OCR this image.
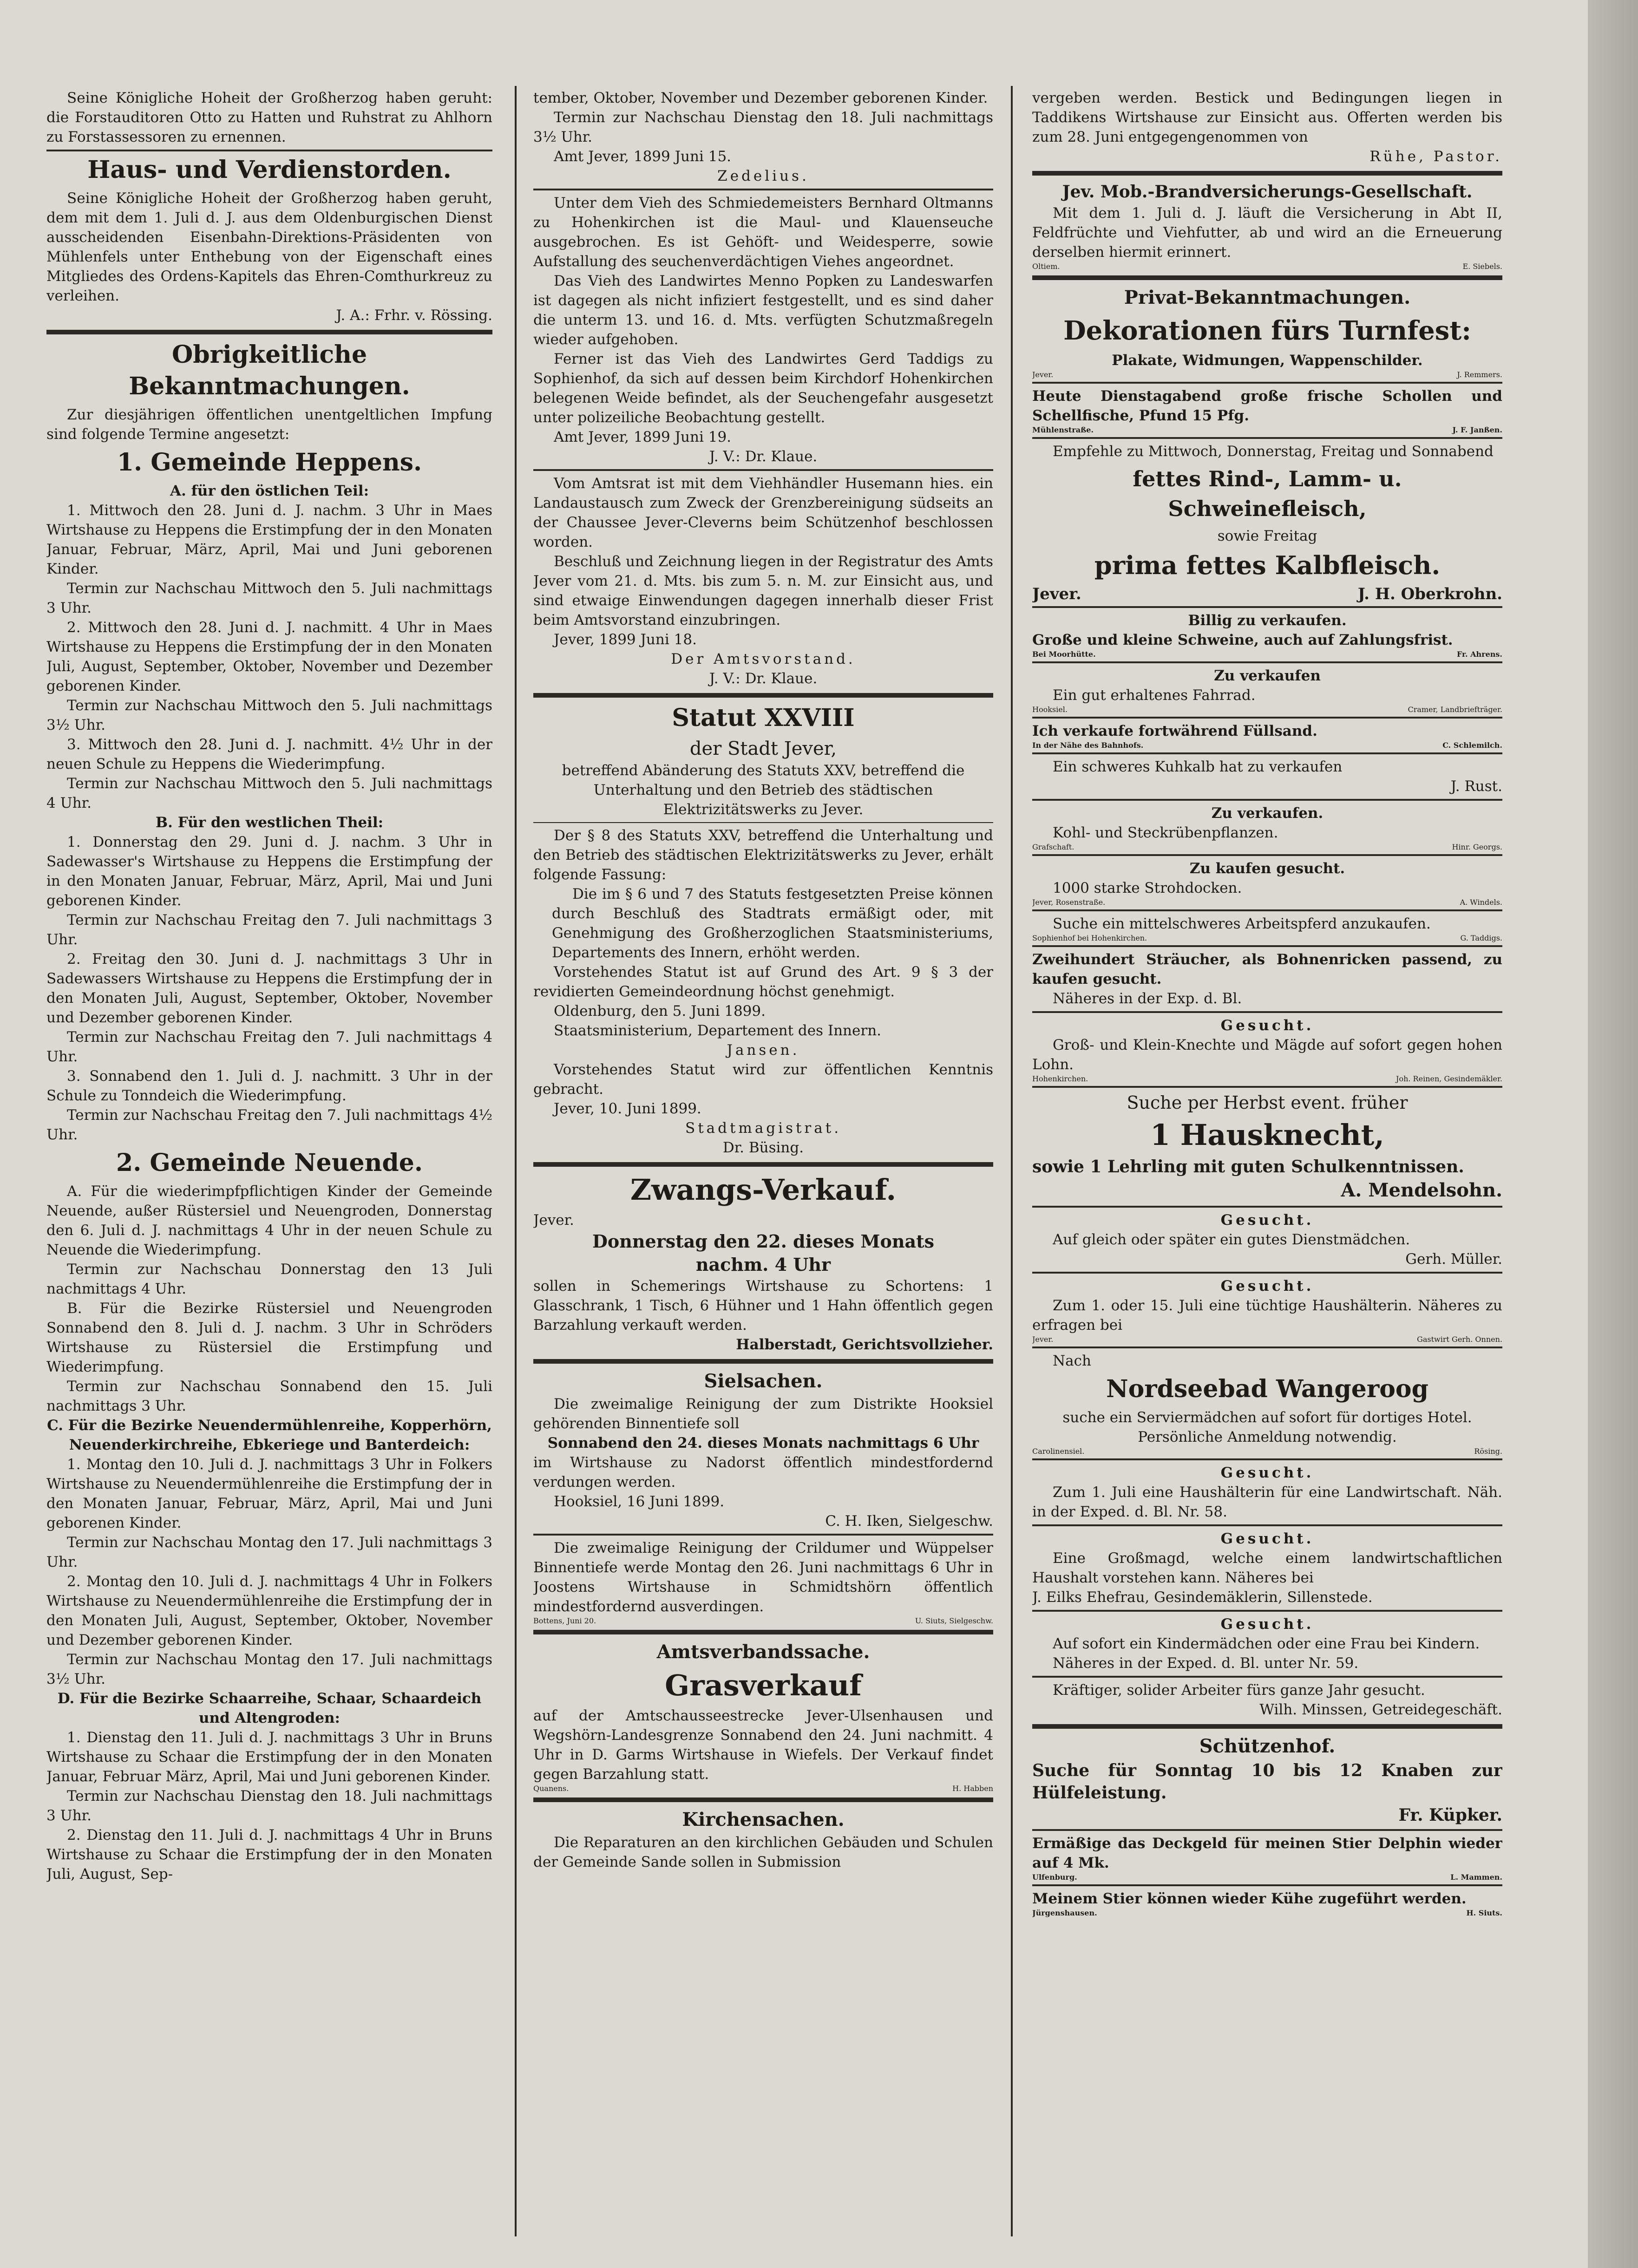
Seine Königliche Hoheit der Großherzog haben geruht: die Forstauditoren Otto zu Hatten und Ruhstrat zu Ahlhorn zu Forstassessoren zu ernennen.

Haus- und Verdienstorden.

Seine Königliche Hoheit der Großherzog haben geruht, dem mit dem 1. Juli d. J. aus dem Oldenburgischen Dienst ausscheidenden Eisenbahn-Direktions-Präsidenten von Mühlenfels unter Enthebung von der Eigenschaft eines Mitgliedes des Ordens-Kapitels das Ehren-Comthurkreuz zu verleihen.

J. A.: Frhr. v. Rössing.

Obrigkeitliche Bekanntmachungen.

Zur diesjährigen öffentlichen unentgeltlichen Impfung sind folgende Termine angesetzt:

1. Gemeinde Heppens.

A. für den östlichen Teil:

1. Mittwoch den 28. Juni d. J. nachm. 3 Uhr in Maes Wirtshause zu Heppens die Erstimpfung der in den Monaten Januar, Februar, März, April, Mai und Juni geborenen Kinder.

Termin zur Nachschau Mittwoch den 5. Juli nachmittags 3 Uhr.

2. Mittwoch den 28. Juni d. J. nachmitt. 4 Uhr in Maes Wirtshause zu Heppens die Erstimpfung der in den Monaten Juli, August, September, Oktober, November und Dezember geborenen Kinder.

Termin zur Nachschau Mittwoch den 5. Juli nachmittags 3½ Uhr.

3. Mittwoch den 28. Juni d. J. nachmitt. 4½ Uhr in der neuen Schule zu Heppens die Wiederimpfung.

Termin zur Nachschau Mittwoch den 5. Juli nachmittags 4 Uhr.

B. Für den westlichen Theil:

1. Donnerstag den 29. Juni d. J. nachm. 3 Uhr in Sadewasser's Wirtshause zu Heppens die Erstimpfung der in den Monaten Januar, Februar, März, April, Mai und Juni geborenen Kinder.

Termin zur Nachschau Freitag den 7. Juli nachmittags 3 Uhr.

2. Freitag den 30. Juni d. J. nachmittags 3 Uhr in Sadewassers Wirtshause zu Heppens die Erstimpfung der in den Monaten Juli, August, September, Oktober, November und Dezember geborenen Kinder.

Termin zur Nachschau Freitag den 7. Juli nachmittags 4 Uhr.

3. Sonnabend den 1. Juli d. J. nachmitt. 3 Uhr in der Schule zu Tonndeich die Wiederimpfung.

Termin zur Nachschau Freitag den 7. Juli nachmittags 4½ Uhr.

2. Gemeinde Neuende.

A. Für die wiederimpfpflichtigen Kinder der Gemeinde Neuende, außer Rüstersiel und Neuengroden, Donnerstag den 6. Juli d. J. nachmittags 4 Uhr in der neuen Schule zu Neuende die Wiederimpfung.

Termin zur Nachschau Donnerstag den 13 Juli nachmittags 4 Uhr.

B. Für die Bezirke Rüstersiel und Neuengroden Sonnabend den 8. Juli d. J. nachm. 3 Uhr in Schröders Wirtshause zu Rüstersiel die Erstimpfung und Wiederimpfung.

Termin zur Nachschau Sonnabend den 15. Juli nachmittags 3 Uhr.

C. Für die Bezirke Neuendermühlenreihe, Kopperhörn, Neuenderkirchreihe, Ebkeriege und Banterdeich:

1. Montag den 10. Juli d. J. nachmittags 3 Uhr in Folkers Wirtshause zu Neuendermühlenreihe die Erstimpfung der in den Monaten Januar, Februar, März, April, Mai und Juni geborenen Kinder.

Termin zur Nachschau Montag den 17. Juli nachmittags 3 Uhr.

2. Montag den 10. Juli d. J. nachmittags 4 Uhr in Folkers Wirtshause zu Neuendermühlenreihe die Erstimpfung der in den Monaten Juli, August, September, Oktober, November und Dezember geborenen Kinder.

Termin zur Nachschau Montag den 17. Juli nachmittags 3½ Uhr.

D. Für die Bezirke Schaarreihe, Schaar, Schaardeich und Altengroden:

1. Dienstag den 11. Juli d. J. nachmittags 3 Uhr in Bruns Wirtshause zu Schaar die Erstimpfung der in den Monaten Januar, Februar März, April, Mai und Juni geborenen Kinder.

Termin zur Nachschau Dienstag den 18. Juli nachmittags 3 Uhr.

2. Dienstag den 11. Juli d. J. nachmittags 4 Uhr in Bruns Wirtshause zu Schaar die Erstimpfung der in den Monaten Juli, August, Sep-

tember, Oktober, November und Dezember geborenen Kinder.

Termin zur Nachschau Dienstag den 18. Juli nachmittags 3½ Uhr.

Amt Jever, 1899 Juni 15.

Zedelius.

Unter dem Vieh des Schmiedemeisters Bernhard Oltmanns zu Hohenkirchen ist die Maul- und Klauenseuche ausgebrochen. Es ist Gehöft- und Weidesperre, sowie Aufstallung des seuchenverdächtigen Viehes angeordnet.

Das Vieh des Landwirtes Menno Popken zu Landeswarfen ist dagegen als nicht infiziert festgestellt, und es sind daher die unterm 13. und 16. d. Mts. verfügten Schutzmaßregeln wieder aufgehoben.

Ferner ist das Vieh des Landwirtes Gerd Taddigs zu Sophienhof, da sich auf dessen beim Kirchdorf Hohenkirchen belegenen Weide befindet, als der Seuchengefahr ausgesetzt unter polizeiliche Beobachtung gestellt.

Amt Jever, 1899 Juni 19.

J. V.: Dr. Klaue.

Vom Amtsrat ist mit dem Viehhändler Husemann hies. ein Landaustausch zum Zweck der Grenzbereinigung südseits an der Chaussee Jever-Cleverns beim Schützenhof beschlossen worden.

Beschluß und Zeichnung liegen in der Registratur des Amts Jever vom 21. d. Mts. bis zum 5. n. M. zur Einsicht aus, und sind etwaige Einwendungen dagegen innerhalb dieser Frist beim Amtsvorstand einzubringen.

Jever, 1899 Juni 18.

Der Amtsvorstand.

J. V.: Dr. Klaue.

Statut XXVIII

der Stadt Jever,

betreffend Abänderung des Statuts XXV, betreffend die Unterhaltung und den Betrieb des städtischen Elektrizitätswerks zu Jever.

Der § 8 des Statuts XXV, betreffend die Unterhaltung und den Betrieb des städtischen Elektrizitätswerks zu Jever, erhält folgende Fassung:

Die im § 6 und 7 des Statuts festgesetzten Preise können durch Beschluß des Stadtrats ermäßigt oder, mit Genehmigung des Großherzoglichen Staatsministeriums, Departements des Innern, erhöht werden.

Vorstehendes Statut ist auf Grund des Art. 9 § 3 der revidierten Gemeindeordnung höchst genehmigt.

Oldenburg, den 5. Juni 1899.

Staatsministerium, Departement des Innern.

Jansen.

Vorstehendes Statut wird zur öffentlichen Kenntnis gebracht.

Jever, 10. Juni 1899.

Stadtmagistrat.

Dr. Büsing.

Zwangs-Verkauf.

Jever.

Donnerstag den 22. dieses Monats

nachm. 4 Uhr

sollen in Schemerings Wirtshause zu Schortens: 1 Glasschrank, 1 Tisch, 6 Hühner und 1 Hahn öffentlich gegen Barzahlung verkauft werden.

Halberstadt, Gerichtsvollzieher.

Sielsachen.

Die zweimalige Reinigung der zum Distrikte Hooksiel gehörenden Binnentiefe soll

Sonnabend den 24. dieses Monats nachmittags 6 Uhr

im Wirtshause zu Nadorst öffentlich mindestfordernd verdungen werden.

Hooksiel, 16 Juni 1899.

C. H. Iken, Sielgeschw.

Die zweimalige Reinigung der Crildumer und Wüppelser Binnentiefe werde Montag den 26. Juni nachmittags 6 Uhr in Joostens Wirtshause in Schmidtshörn öffentlich mindestfordernd ausverdingen.

Bottens, Juni 20.	U. Siuts, Sielgeschw.
Amtsverbandssache.
Grasverkauf

auf der Amtschausseestrecke Jever-Ulsenhausen und Wegshörn-Landesgrenze Sonnabend den 24. Juni nachmitt. 4 Uhr in D. Garms Wirtshause in Wiefels. Der Verkauf findet gegen Barzahlung statt.

Quanens.	H. Habben
Kirchensachen.

Die Reparaturen an den kirchlichen Gebäuden und Schulen der Gemeinde Sande sollen in Submission

vergeben werden. Bestick und Bedingungen liegen in Taddikens Wirtshause zur Einsicht aus. Offerten werden bis zum 28. Juni entgegengenommen von

Rühe, Pastor.

Jev. Mob.-Brandversicherungs-Gesellschaft.

Mit dem 1. Juli d. J. läuft die Versicherung in Abt II, Feldfrüchte und Viehfutter, ab und wird an die Erneuerung derselben hiermit erinnert.

Oltiem.	E. Siebels.
Privat-Bekanntmachungen.
Dekorationen fürs Turnfest:

Plakate, Widmungen, Wappenschilder.

Jever.	J. Remmers.

Heute Dienstagabend große frische Schollen und Schellfische, Pfund 15 Pfg.

Mühlenstraße.	J. F. Janßen.

Empfehle zu Mittwoch, Donnerstag, Freitag und Sonnabend

fettes Rind-, Lamm- u. Schweinefleisch,

sowie Freitag

prima fettes Kalbfleisch.
Jever.	J. H. Oberkrohn.

Billig zu verkaufen.

Große und kleine Schweine, auch auf Zahlungsfrist.

Bei Moorhütte.	Fr. Ahrens.

Zu verkaufen

Ein gut erhaltenes Fahrrad.

Hooksiel.	Cramer, Landbriefträger.

Ich verkaufe fortwährend Füllsand.

In der Nähe des Bahnhofs.	C. Schlemilch.

Ein schweres Kuhkalb hat zu verkaufen

J. Rust.

Zu verkaufen.

Kohl- und Steckrübenpflanzen.

Grafschaft.	Hinr. Georgs.

Zu kaufen gesucht.

1000 starke Strohdocken.

Jever, Rosenstraße.	A. Windels.

Suche ein mittelschweres Arbeitspferd anzukaufen.

Sophienhof bei Hohenkirchen.	G. Taddigs.

Zweihundert Sträucher, als Bohnenricken passend, zu kaufen gesucht.

Näheres in der Exp. d. Bl.

Gesucht.

Groß- und Klein-Knechte und Mägde auf sofort gegen hohen Lohn.

Hohenkirchen.	Joh. Reinen, Gesindemäkler.

Suche per Herbst event. früher

1 Hausknecht,

sowie 1 Lehrling mit guten Schulkenntnissen.

A. Mendelsohn.

Gesucht.

Auf gleich oder später ein gutes Dienstmädchen.

Gerh. Müller.

Gesucht.

Zum 1. oder 15. Juli eine tüchtige Haushälterin. Näheres zu erfragen bei

Jever.	Gastwirt Gerh. Onnen.

Nach

Nordseebad Wangeroog

suche ein Serviermädchen auf sofort für dortiges Hotel. Persönliche Anmeldung notwendig.

Carolinensiel.	Rösing.

Gesucht.

Zum 1. Juli eine Haushälterin für eine Landwirtschaft. Näh. in der Exped. d. Bl. Nr. 58.

Gesucht.

Eine Großmagd, welche einem landwirtschaftlichen Haushalt vorstehen kann. Näheres bei

J. Eilks Ehefrau, Gesindemäklerin, Sillenstede.

Gesucht.

Auf sofort ein Kindermädchen oder eine Frau bei Kindern.

Näheres in der Exped. d. Bl. unter Nr. 59.

Kräftiger, solider Arbeiter fürs ganze Jahr gesucht.

Wilh. Minssen, Getreidegeschäft.

Schützenhof.

Suche für Sonntag 10 bis 12 Knaben zur Hülfeleistung.

Fr. Küpker.

Ermäßige das Deckgeld für meinen Stier Delphin wieder auf 4 Mk.

Ulfenburg.	L. Mammen.

Meinem Stier können wieder Kühe zugeführt werden.

Jürgenshausen.	H. Siuts.
